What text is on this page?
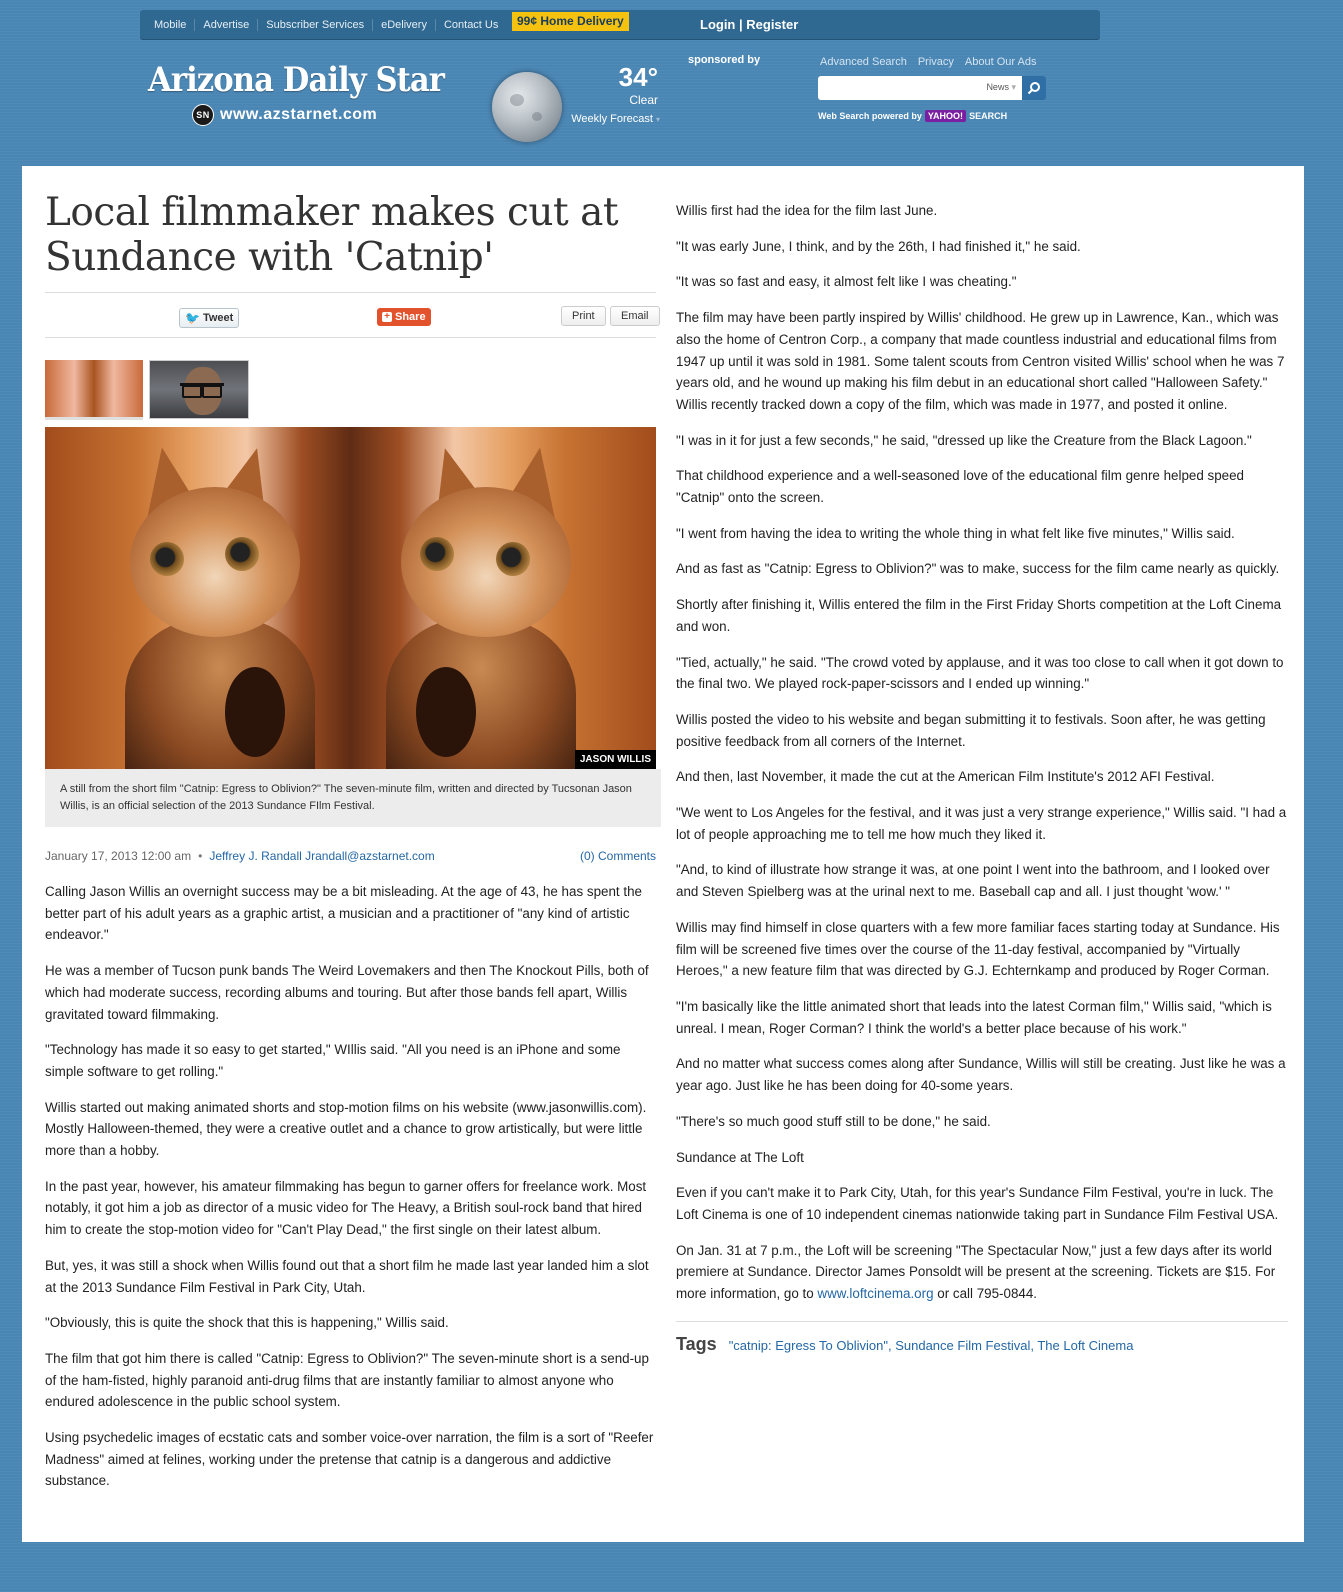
Mobile	Advertise	Subscriber Services	eDelivery	Contact Us	99¢ Home Delivery	Login | Register
Arizona Daily Star
SN www.azstarnet.com
34°
Clear
Weekly Forecast ▾
sponsored by	Advanced Search Privacy About Our Ads
News ▾
Web Search powered by YAHOO! SEARCH
Local filmmaker makes cut at Sundance with 'Catnip'
🐦 Tweet	+ Share	Print	Email
JASON WILLIS
A still from the short film "Catnip: Egress to Oblivion?" The seven-minute film, written and directed by Tucsonan Jason Willis, is an official selection of the 2013 Sundance FIlm Festival.
January 17, 2013 12:00 am • Jeffrey J. Randall Jrandall@azstarnet.com	(0) Comments

Calling Jason Willis an overnight success may be a bit misleading. At the age of 43, he has spent the better part of his adult years as a graphic artist, a musician and a practitioner of "any kind of artistic endeavor."

He was a member of Tucson punk bands The Weird Lovemakers and then The Knockout Pills, both of which had moderate success, recording albums and touring. But after those bands fell apart, Willis gravitated toward filmmaking.

"Technology has made it so easy to get started," WIllis said. "All you need is an iPhone and some simple software to get rolling."

Willis started out making animated shorts and stop-motion films on his website (www.jasonwillis.com). Mostly Halloween-themed, they were a creative outlet and a chance to grow artistically, but were little more than a hobby.

In the past year, however, his amateur filmmaking has begun to garner offers for freelance work. Most notably, it got him a job as director of a music video for The Heavy, a British soul-rock band that hired him to create the stop-motion video for "Can't Play Dead," the first single on their latest album.

But, yes, it was still a shock when Willis found out that a short film he made last year landed him a slot at the 2013 Sundance Film Festival in Park City, Utah.

"Obviously, this is quite the shock that this is happening," Willis said.

The film that got him there is called "Catnip: Egress to Oblivion?" The seven-minute short is a send-up of the ham-fisted, highly paranoid anti-drug films that are instantly familiar to almost anyone who endured adolescence in the public school system.

Using psychedelic images of ecstatic cats and somber voice-over narration, the film is a sort of "Reefer Madness" aimed at felines, working under the pretense that catnip is a dangerous and addictive substance.

Willis first had the idea for the film last June.

"It was early June, I think, and by the 26th, I had finished it," he said.

"It was so fast and easy, it almost felt like I was cheating."

The film may have been partly inspired by Willis' childhood. He grew up in Lawrence, Kan., which was also the home of Centron Corp., a company that made countless industrial and educational films from 1947 up until it was sold in 1981. Some talent scouts from Centron visited Willis' school when he was 7 years old, and he wound up making his film debut in an educational short called "Halloween Safety." Willis recently tracked down a copy of the film, which was made in 1977, and posted it online.

"I was in it for just a few seconds," he said, "dressed up like the Creature from the Black Lagoon."

That childhood experience and a well-seasoned love of the educational film genre helped speed "Catnip" onto the screen.

"I went from having the idea to writing the whole thing in what felt like five minutes," Willis said.

And as fast as "Catnip: Egress to Oblivion?" was to make, success for the film came nearly as quickly.

Shortly after finishing it, Willis entered the film in the First Friday Shorts competition at the Loft Cinema and won.

"Tied, actually," he said. "The crowd voted by applause, and it was too close to call when it got down to the final two. We played rock-paper-scissors and I ended up winning."

Willis posted the video to his website and began submitting it to festivals. Soon after, he was getting positive feedback from all corners of the Internet.

And then, last November, it made the cut at the American Film Institute's 2012 AFI Festival.

"We went to Los Angeles for the festival, and it was just a very strange experience," Willis said. "I had a lot of people approaching me to tell me how much they liked it.

"And, to kind of illustrate how strange it was, at one point I went into the bathroom, and I looked over and Steven Spielberg was at the urinal next to me. Baseball cap and all. I just thought 'wow.' "

Willis may find himself in close quarters with a few more familiar faces starting today at Sundance. His film will be screened five times over the course of the 11-day festival, accompanied by "Virtually Heroes," a new feature film that was directed by G.J. Echternkamp and produced by Roger Corman.

"I'm basically like the little animated short that leads into the latest Corman film," Willis said, "which is unreal. I mean, Roger Corman? I think the world's a better place because of his work."

And no matter what success comes along after Sundance, Willis will still be creating. Just like he was a year ago. Just like he has been doing for 40-some years.

"There's so much good stuff still to be done," he said.

Sundance at The Loft

Even if you can't make it to Park City, Utah, for this year's Sundance Film Festival, you're in luck. The Loft Cinema is one of 10 independent cinemas nationwide taking part in Sundance Film Festival USA.

On Jan. 31 at 7 p.m., the Loft will be screening "The Spectacular Now," just a few days after its world premiere at Sundance. Director James Ponsoldt will be present at the screening. Tickets are $15. For more information, go to www.loftcinema.org or call 795-0844.

Tags "catnip: Egress To Oblivion", Sundance Film Festival, The Loft Cinema
